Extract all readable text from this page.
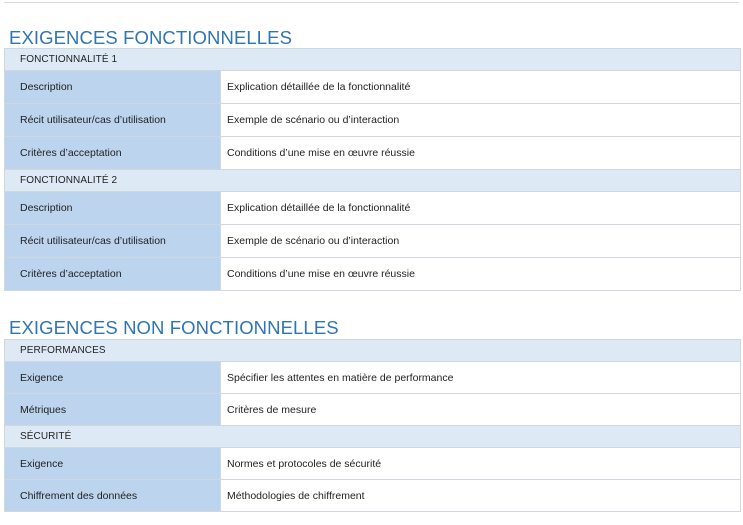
EXIGENCES FONCTIONNELLES
FONCTIONNALITÉ 1	
Description	Explication détaillée de la fonctionnalité
Récit utilisateur/cas d’utilisation	Exemple de scénario ou d’interaction
Critères d’acceptation	Conditions d’une mise en œuvre réussie
FONCTIONNALITÉ 2	
Description	Explication détaillée de la fonctionnalité
Récit utilisateur/cas d’utilisation	Exemple de scénario ou d’interaction
Critères d’acceptation	Conditions d’une mise en œuvre réussie
EXIGENCES NON FONCTIONNELLES
PERFORMANCES	
Exigence	Spécifier les attentes en matière de performance
Métriques	Critères de mesure
SÉCURITÉ	
Exigence	Normes et protocoles de sécurité
Chiffrement des données	Méthodologies de chiffrement
